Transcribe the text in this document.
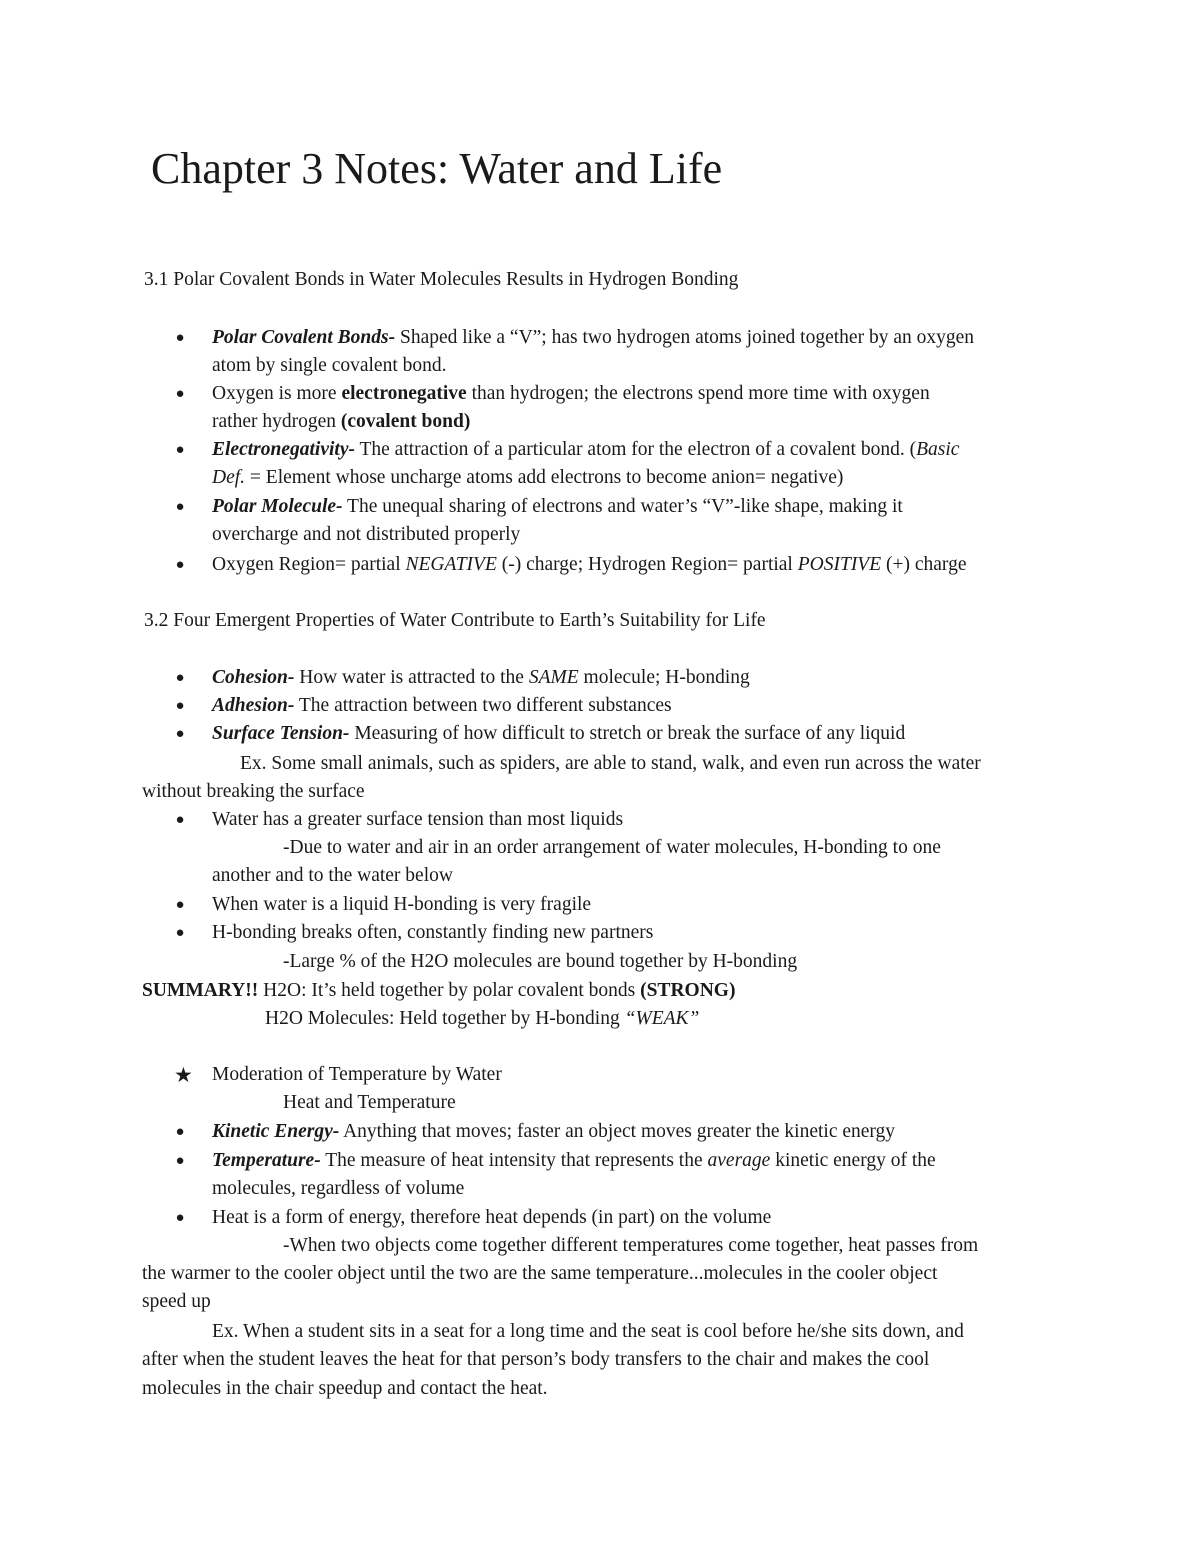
Chapter 3 Notes: Water and Life
3.1 Polar Covalent Bonds in Water Molecules Results in Hydrogen Bonding
● Polar Covalent Bonds- Shaped like a “V”; has two hydrogen atoms joined together by an oxygen
atom by single covalent bond.
● Oxygen is more electronegative than hydrogen; the electrons spend more time with oxygen
rather hydrogen (covalent bond)
● Electronegativity- The attraction of a particular atom for the electron of a covalent bond. (Basic
Def. = Element whose uncharge atoms add electrons to become anion= negative)
● Polar Molecule- The unequal sharing of electrons and water’s “V”-like shape, making it
overcharge and not distributed properly
● Oxygen Region= partial NEGATIVE (-) charge; Hydrogen Region= partial POSITIVE (+) charge
3.2 Four Emergent Properties of Water Contribute to Earth’s Suitability for Life
● Cohesion- How water is attracted to the SAME molecule; H-bonding
● Adhesion- The attraction between two different substances
● Surface Tension- Measuring of how difficult to stretch or break the surface of any liquid
Ex. Some small animals, such as spiders, are able to stand, walk, and even run across the water
without breaking the surface
● Water has a greater surface tension than most liquids
-Due to water and air in an order arrangement of water molecules, H-bonding to one
another and to the water below
● When water is a liquid H-bonding is very fragile
● H-bonding breaks often, constantly finding new partners
-Large % of the H2O molecules are bound together by H-bonding
SUMMARY!! H2O: It’s held together by polar covalent bonds (STRONG)
H2O Molecules: Held together by H-bonding “WEAK”
★ Moderation of Temperature by Water
Heat and Temperature
● Kinetic Energy- Anything that moves; faster an object moves greater the kinetic energy
● Temperature- The measure of heat intensity that represents the average kinetic energy of the
molecules, regardless of volume
● Heat is a form of energy, therefore heat depends (in part) on the volume
-When two objects come together different temperatures come together, heat passes from
the warmer to the cooler object until the two are the same temperature...molecules in the cooler object
speed up
Ex. When a student sits in a seat for a long time and the seat is cool before he/she sits down, and
after when the student leaves the heat for that person’s body transfers to the chair and makes the cool
molecules in the chair speedup and contact the heat.
